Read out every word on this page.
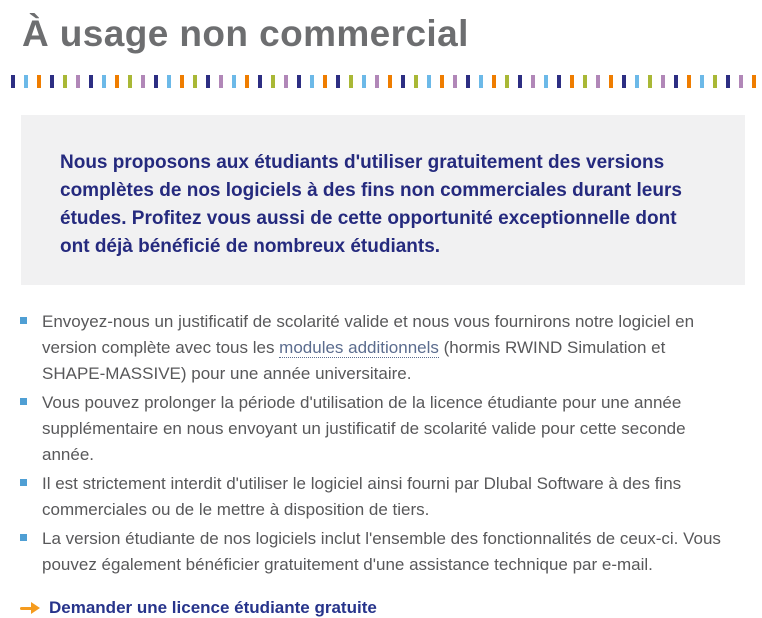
À usage non commercial

Nous proposons aux étudiants d'utiliser gratuitement des versions complètes de nos logiciels à des fins non commerciales durant leurs études. Profitez vous aussi de cette opportunité exceptionnelle dont ont déjà bénéficié de nombreux étudiants.

Envoyez-nous un justificatif de scolarité valide et nous vous fournirons notre logiciel en version complète avec tous les modules additionnels (hormis RWIND Simulation et SHAPE-MASSIVE) pour une année universitaire.
Vous pouvez prolonger la période d'utilisation de la licence étudiante pour une année supplémentaire en nous envoyant un justificatif de scolarité valide pour cette seconde année.
Il est strictement interdit d'utiliser le logiciel ainsi fourni par Dlubal Software à des fins commerciales ou de le mettre à disposition de tiers.
La version étudiante de nos logiciels inclut l'ensemble des fonctionnalités de ceux-ci. Vous pouvez également bénéficier gratuitement d'une assistance technique par e-mail.
Demander une licence étudiante gratuite
